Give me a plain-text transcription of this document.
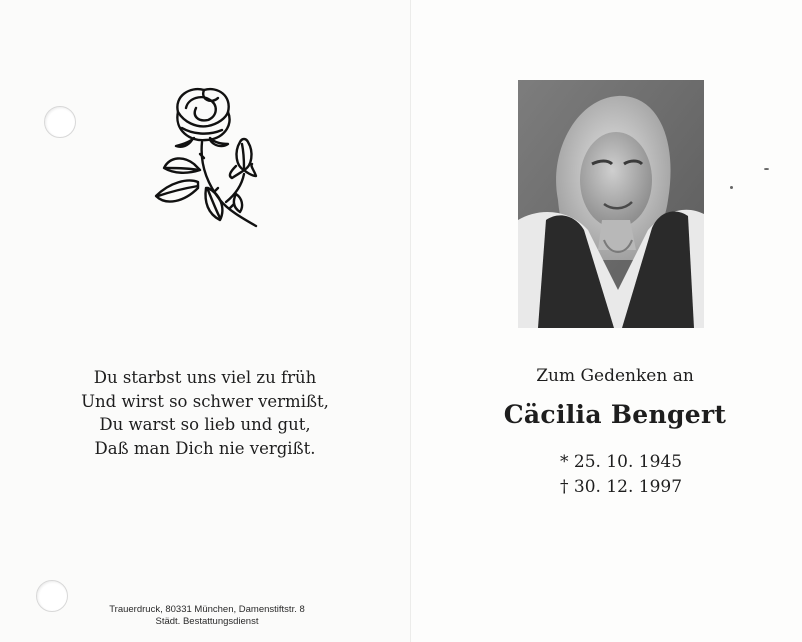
Du starbst uns viel zu früh
Und wirst so schwer vermißt,
Du warst so lieb und gut,
Daß man Dich nie vergißt.
Trauerdruck, 80331 München, Damenstiftstr. 8
Städt. Bestattungsdienst
Zum Gedenken an
Cäcilia Bengert
* 25. 10. 1945
† 30. 12. 1997
